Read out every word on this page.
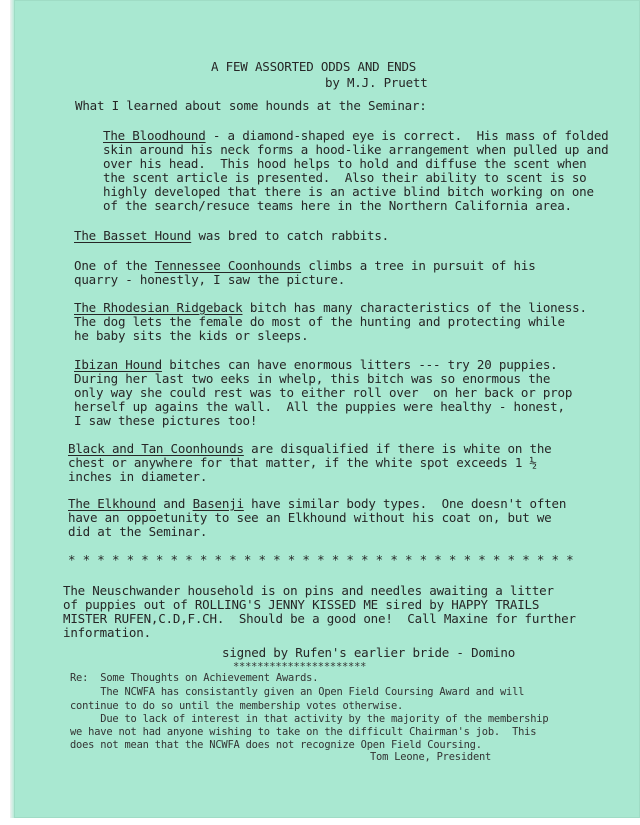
A FEW ASSORTED ODDS AND ENDS
by M.J. Pruett
What I learned about some hounds at the Seminar:
The Bloodhound - a diamond-shaped eye is correct.  His mass of folded
skin around his neck forms a hood-like arrangement when pulled up and
over his head.  This hood helps to hold and diffuse the scent when
the scent article is presented.  Also their ability to scent is so
highly developed that there is an active blind bitch working on one
of the search/resuce teams here in the Northern California area.
The Basset Hound was bred to catch rabbits.
One of the Tennessee Coonhounds climbs a tree in pursuit of his
quarry - honestly, I saw the picture.
The Rhodesian Ridgeback bitch has many characteristics of the lioness.
The dog lets the female do most of the hunting and protecting while
he baby sits the kids or sleeps.
Ibizan Hound bitches can have enormous litters --- try 20 puppies.
During her last two eeks in whelp, this bitch was so enormous the
only way she could rest was to either roll over  on her back or prop
herself up agains the wall.  All the puppies were healthy - honest,
I saw these pictures too!
Black and Tan Coonhounds are disqualified if there is white on the
chest or anywhere for that matter, if the white spot exceeds 1 ½
inches in diameter.
The Elkhound and Basenji have similar body types.  One doesn't often
have an oppoetunity to see an Elkhound without his coat on, but we
did at the Seminar.
* * * * * * * * * * * * * * * * * * * * * * * * * * * * * * * * * * *
The Neuschwander household is on pins and needles awaiting a litter
of puppies out of ROLLING'S JENNY KISSED ME sired by HAPPY TRAILS
MISTER RUFEN,C.D,F.CH.  Should be a good one!  Call Maxine for further
information.
signed by Rufen's earlier bride - Domino
**********************
Re:  Some Thoughts on Achievement Awards.
The NCWFA has consistantly given an Open Field Coursing Award and will
continue to do so until the membership votes otherwise.
Due to lack of interest in that activity by the majority of the membership
we have not had anyone wishing to take on the difficult Chairman's job.  This
does not mean that the NCWFA does not recognize Open Field Coursing.
Tom Leone, President
